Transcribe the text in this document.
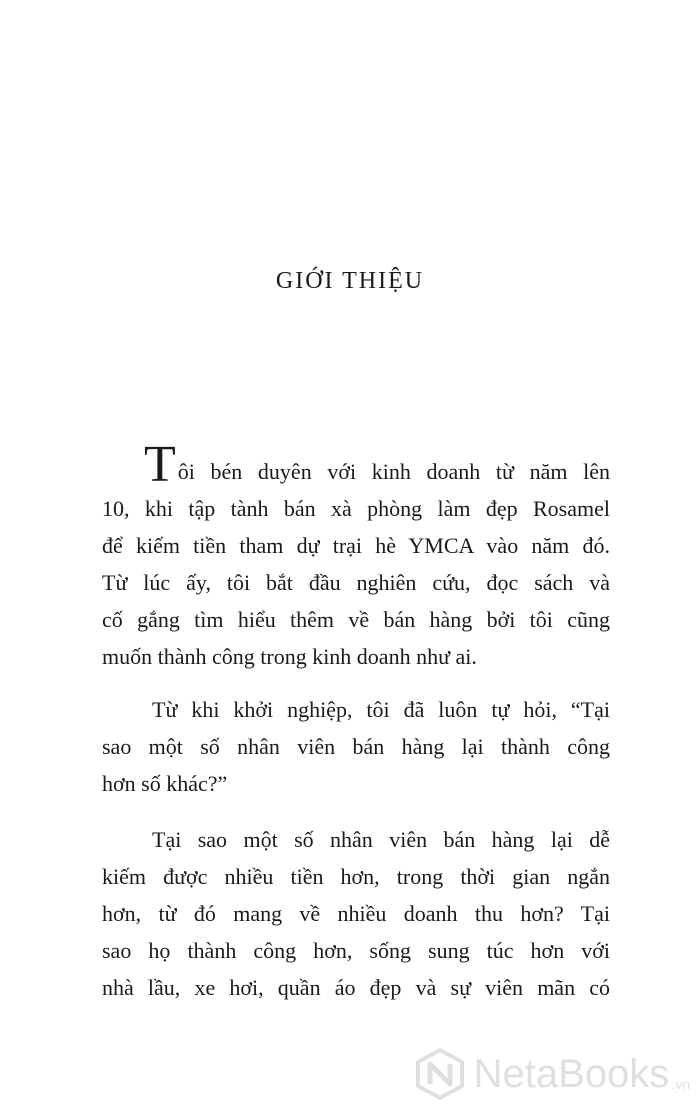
GIỚI THIỆU

Tôi bén duyên với kinh doanh từ năm lên
10, khi tập tành bán xà phòng làm đẹp Rosamel
để kiếm tiền tham dự trại hè YMCA vào năm đó.
Từ lúc ấy, tôi bắt đầu nghiên cứu, đọc sách và
cố gắng tìm hiểu thêm về bán hàng bởi tôi cũng
muốn thành công trong kinh doanh như ai.

Từ khi khởi nghiệp, tôi đã luôn tự hỏi, “Tại
sao một số nhân viên bán hàng lại thành công
hơn số khác?”

Tại sao một số nhân viên bán hàng lại dễ
kiếm được nhiều tiền hơn, trong thời gian ngắn
hơn, từ đó mang về nhiều doanh thu hơn? Tại
sao họ thành công hơn, sống sung túc hơn với
nhà lầu, xe hơi, quần áo đẹp và sự viên mãn có

NetaBooks .vn
